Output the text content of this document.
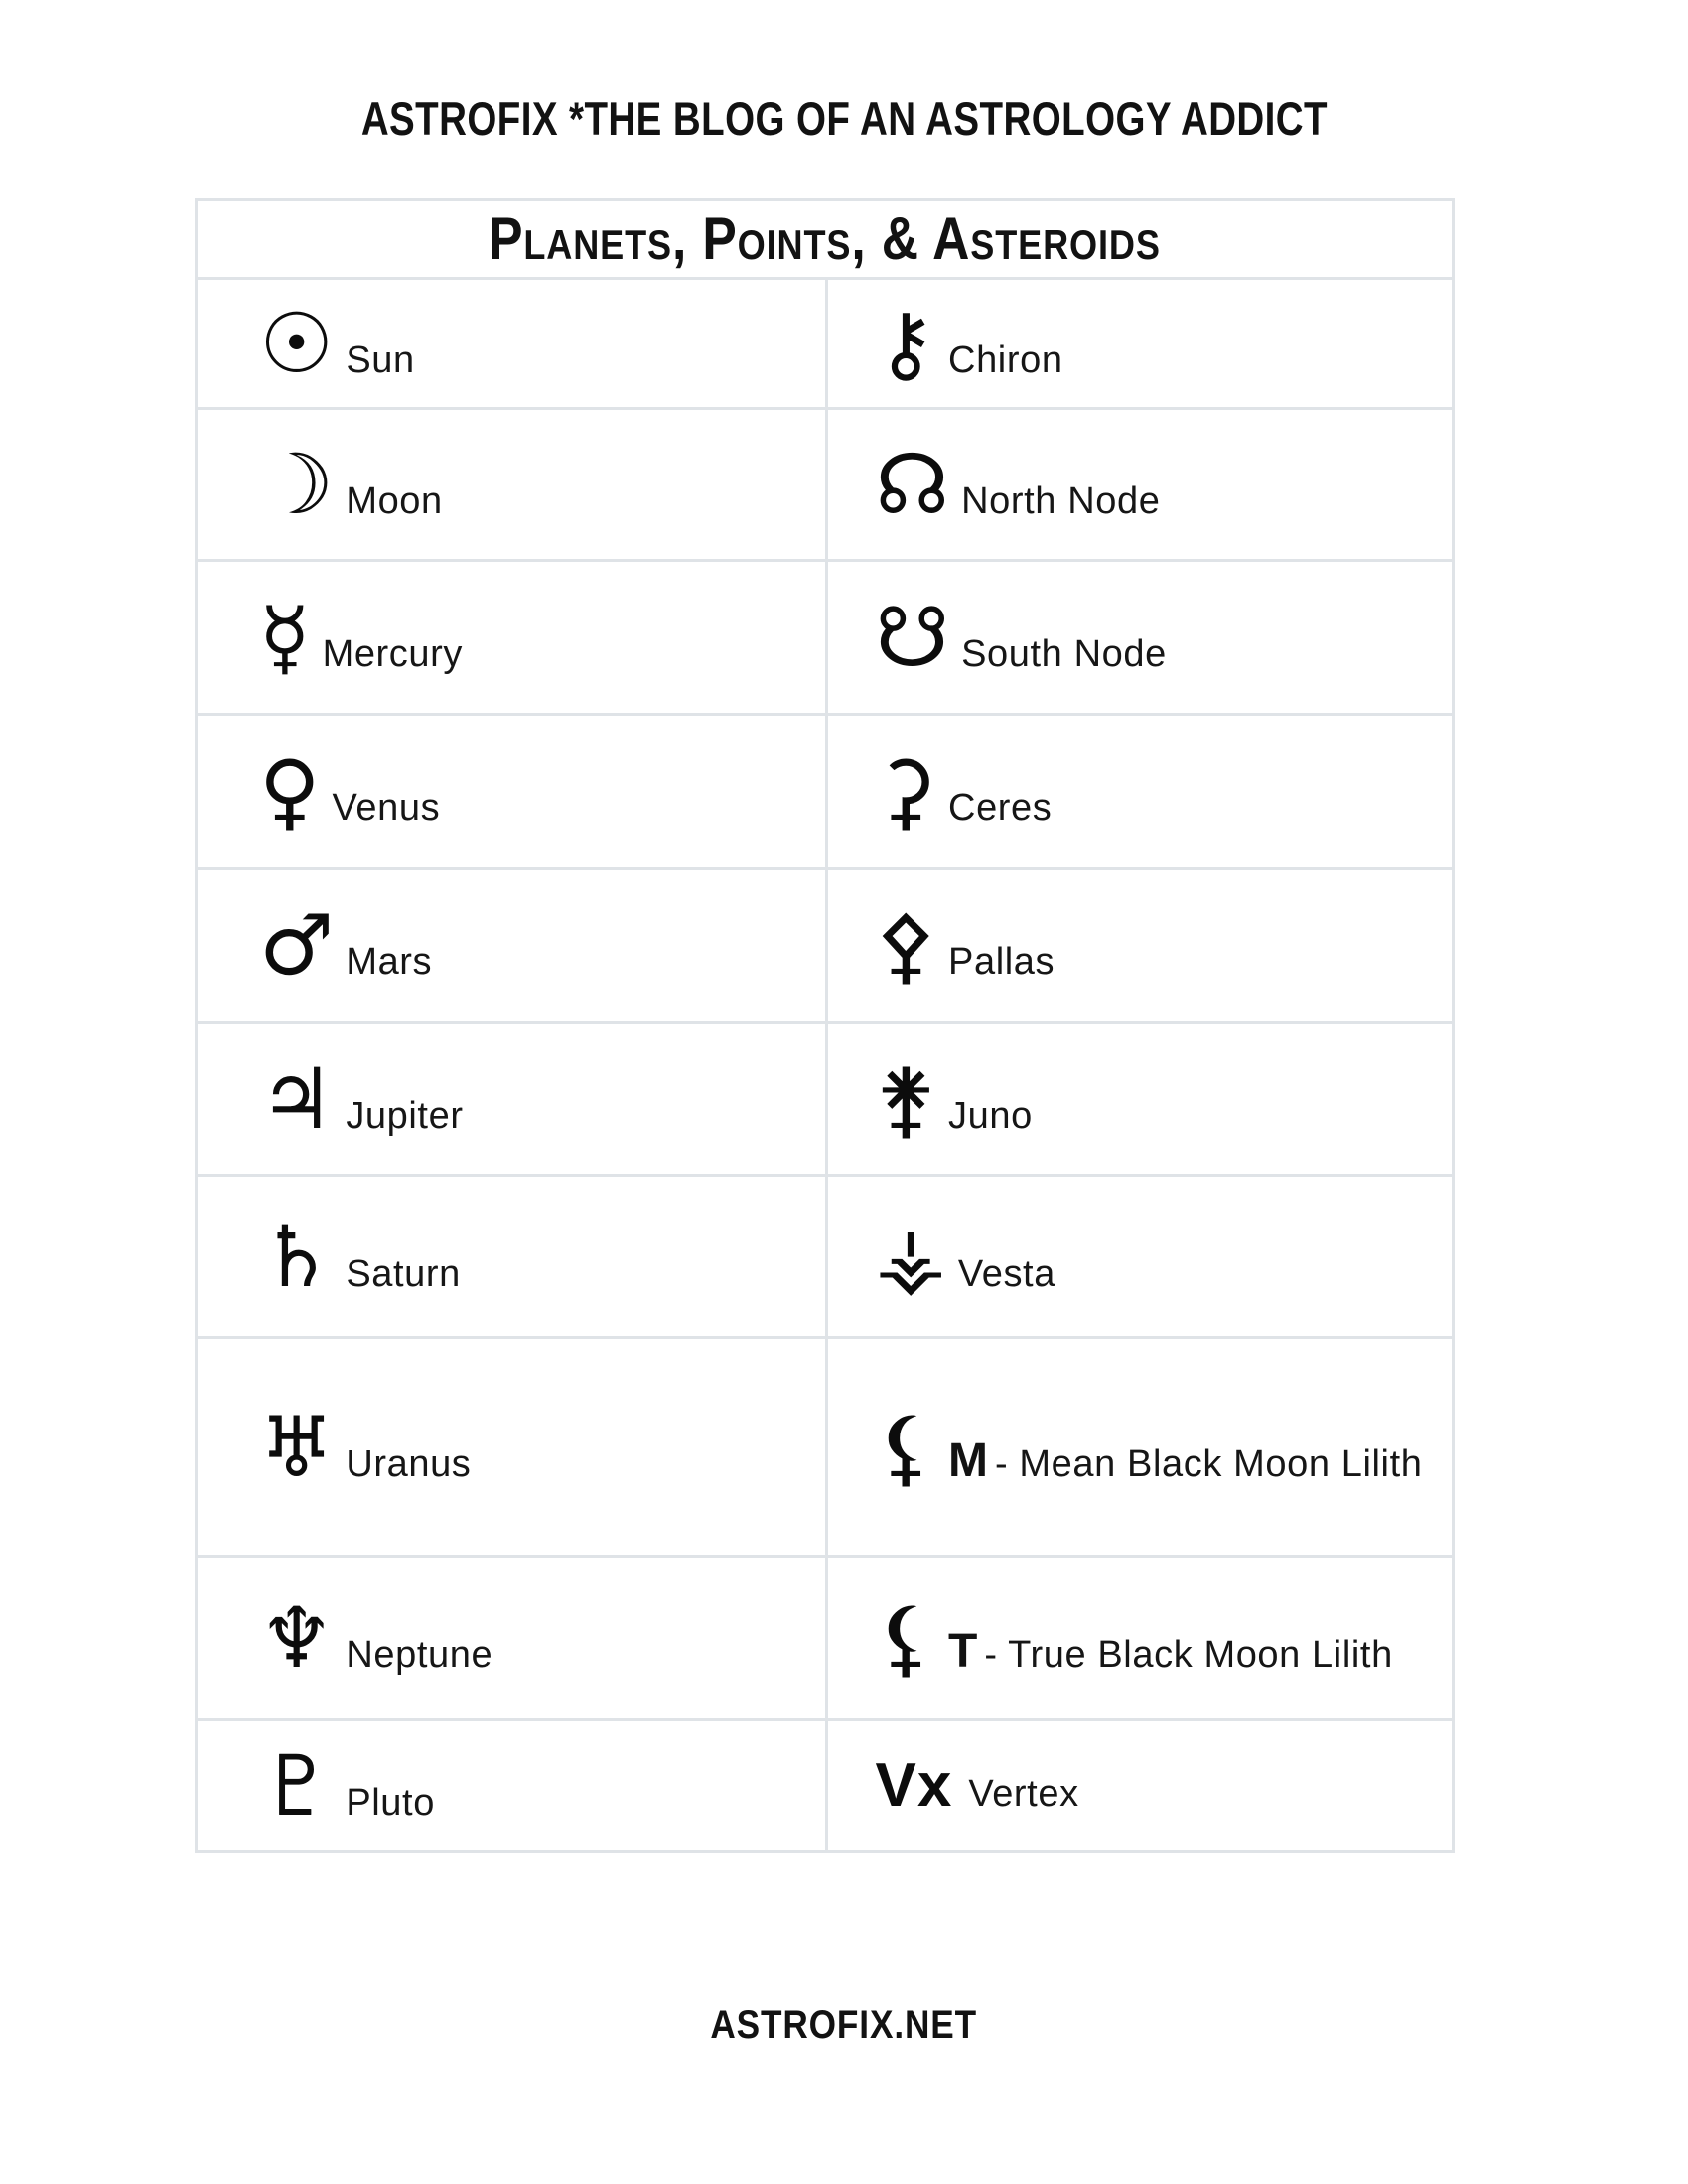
ASTROFIX *THE BLOG OF AN ASTROLOGY ADDICT
Planets, Points, & Asteroids
☉ Sun	⚷ Chiron
☽ Moon	☊ North Node
☿ Mercury	☋ South Node
♀ Venus	⚳ Ceres
♂ Mars	⚴ Pallas
♃ Jupiter	⚵ Juno
♄ Saturn	⚶ Vesta
♅ Uranus	⚸ M - Mean Black Moon Lilith
♆ Neptune	⚸ T - True Black Moon Lilith
♇ Pluto	Vx Vertex
ASTROFIX.NET
